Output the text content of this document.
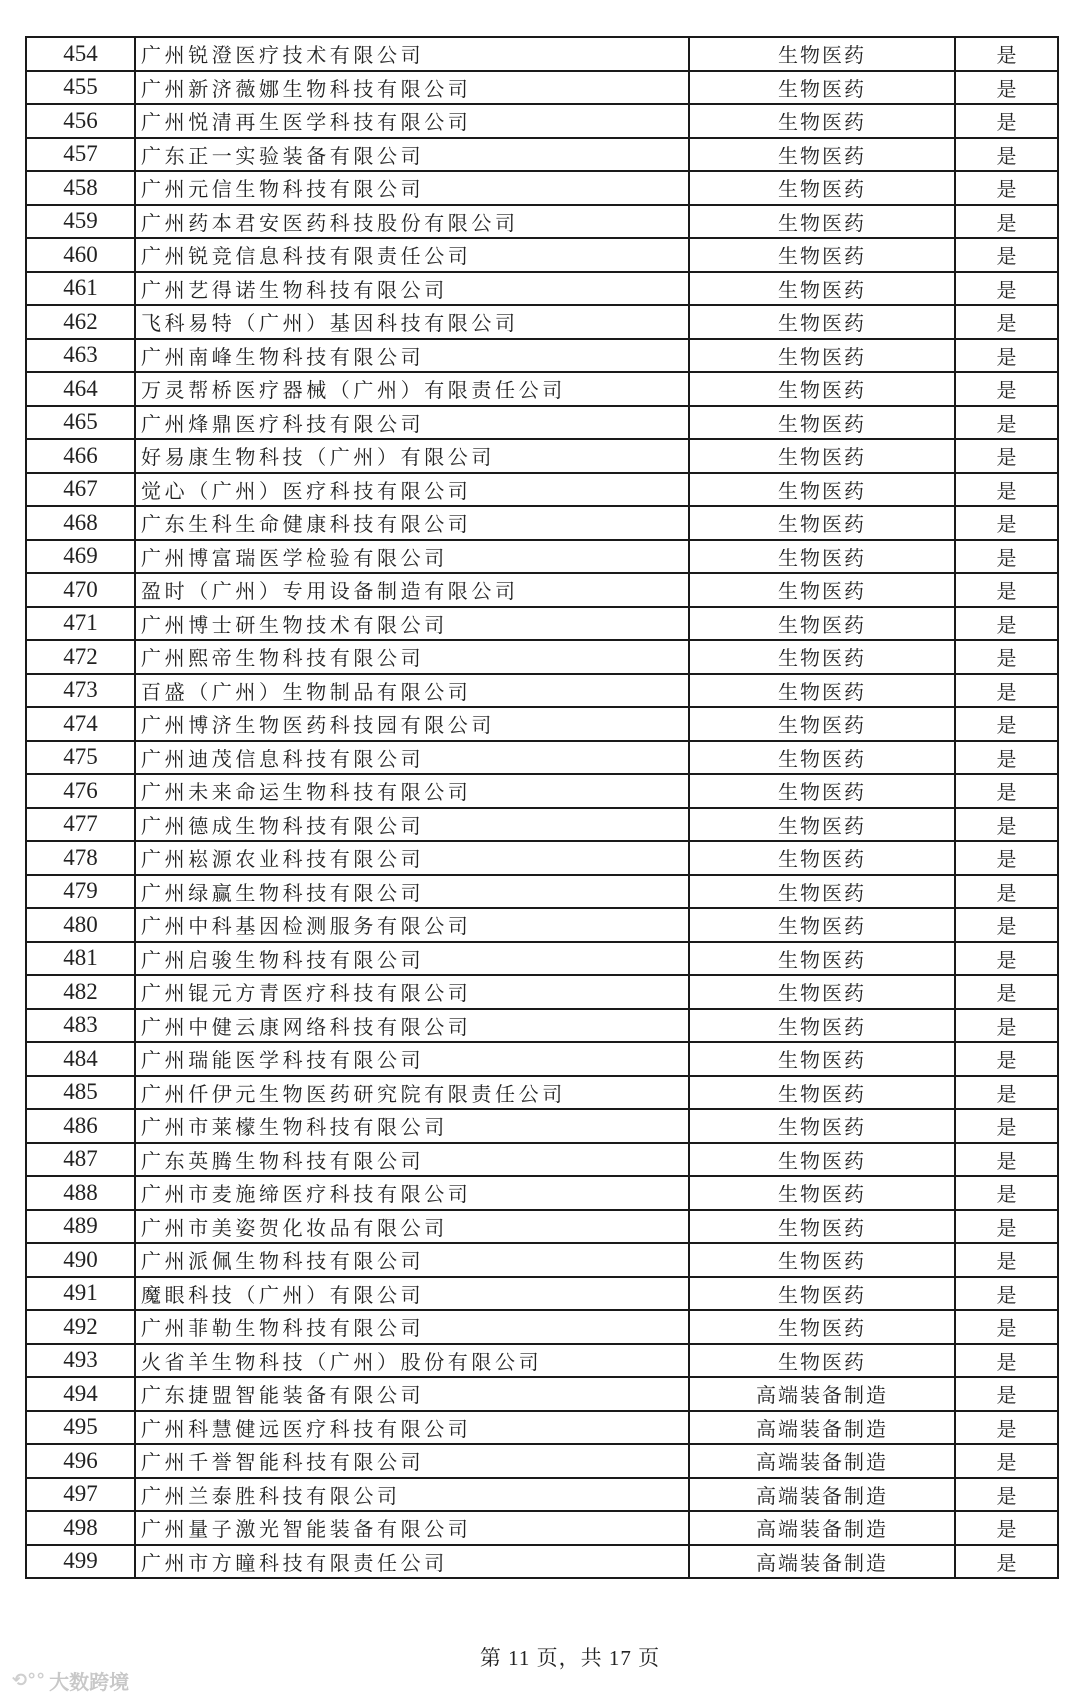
454	广州锐澄医疗技术有限公司	生物医药	是
455	广州新济薇娜生物科技有限公司	生物医药	是
456	广州悦清再生医学科技有限公司	生物医药	是
457	广东正一实验装备有限公司	生物医药	是
458	广州元信生物科技有限公司	生物医药	是
459	广州药本君安医药科技股份有限公司	生物医药	是
460	广州锐竞信息科技有限责任公司	生物医药	是
461	广州艺得诺生物科技有限公司	生物医药	是
462	飞科易特（广州）基因科技有限公司	生物医药	是
463	广州南峰生物科技有限公司	生物医药	是
464	万灵帮桥医疗器械（广州）有限责任公司	生物医药	是
465	广州烽鼎医疗科技有限公司	生物医药	是
466	好易康生物科技（广州）有限公司	生物医药	是
467	觉心（广州）医疗科技有限公司	生物医药	是
468	广东生科生命健康科技有限公司	生物医药	是
469	广州博富瑞医学检验有限公司	生物医药	是
470	盈时（广州）专用设备制造有限公司	生物医药	是
471	广州博士研生物技术有限公司	生物医药	是
472	广州熙帝生物科技有限公司	生物医药	是
473	百盛（广州）生物制品有限公司	生物医药	是
474	广州博济生物医药科技园有限公司	生物医药	是
475	广州迪茂信息科技有限公司	生物医药	是
476	广州未来命运生物科技有限公司	生物医药	是
477	广州德成生物科技有限公司	生物医药	是
478	广州崧源农业科技有限公司	生物医药	是
479	广州绿赢生物科技有限公司	生物医药	是
480	广州中科基因检测服务有限公司	生物医药	是
481	广州启骏生物科技有限公司	生物医药	是
482	广州锟元方青医疗科技有限公司	生物医药	是
483	广州中健云康网络科技有限公司	生物医药	是
484	广州瑞能医学科技有限公司	生物医药	是
485	广州仟伊元生物医药研究院有限责任公司	生物医药	是
486	广州市莱檬生物科技有限公司	生物医药	是
487	广东英腾生物科技有限公司	生物医药	是
488	广州市麦施缔医疗科技有限公司	生物医药	是
489	广州市美姿贺化妆品有限公司	生物医药	是
490	广州派佩生物科技有限公司	生物医药	是
491	魔眼科技（广州）有限公司	生物医药	是
492	广州菲勒生物科技有限公司	生物医药	是
493	火省羊生物科技（广州）股份有限公司	生物医药	是
494	广东捷盟智能装备有限公司	高端装备制造	是
495	广州科慧健远医疗科技有限公司	高端装备制造	是
496	广州千誉智能科技有限公司	高端装备制造	是
497	广州兰泰胜科技有限公司	高端装备制造	是
498	广州量子激光智能装备有限公司	高端装备制造	是
499	广州市方瞳科技有限责任公司	高端装备制造	是
第 11 页，共 17 页
⟲°° 大数跨境
